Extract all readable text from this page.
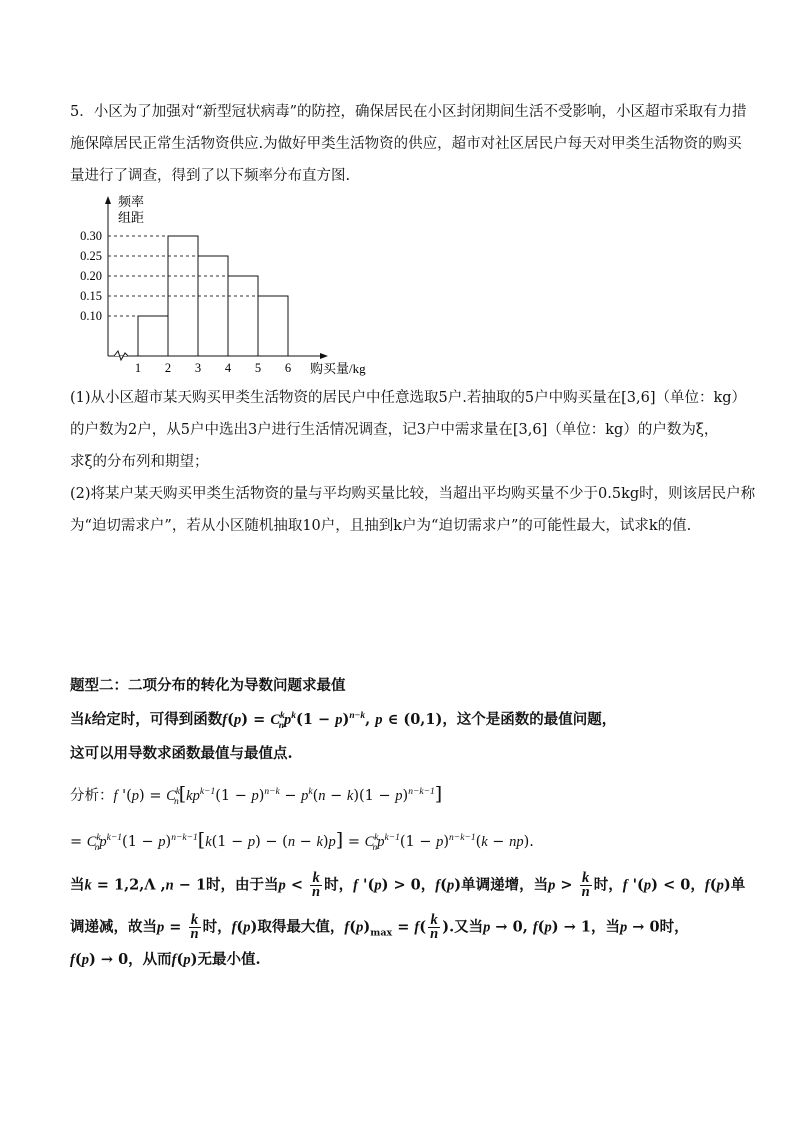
5．小区为了加强对“新型冠状病毒”的防控，确保居民在小区封闭期间生活不受影响，小区超市采取有力措
施保障居民正常生活物资供应.为做好甲类生活物资的供应，超市对社区居民户每天对甲类生活物资的购买
量进行了调查，得到了以下频率分布直方图.
频率
组距
购买量/kg
0.10
0.15
0.20
0.25
0.30
1 2 3 4 5 6
(1)从小区超市某天购买甲类生活物资的居民户中任意选取5户.若抽取的5户中购买量在[3,6]（单位：kg）
的户数为2户，从5户中选出3户进行生活情况调查，记3户中需求量在[3,6]（单位：kg）的户数为ξ，
求ξ的分布列和期望；
(2)将某户某天购买甲类生活物资的量与平均购买量比较，当超出平均购买量不少于0.5kg时，则该居民户称
为“迫切需求户”，若从小区随机抽取10户，且抽到k户为“迫切需求户”的可能性最大，试求k的值.
题型二：二项分布的转化为导数问题求最值
当k给定时，可得到函数$f(p) = C^k_np^k(1 - p)^{n-k}$, p ∈ (0,1)，这个是函数的最值问题，
这可以用导数求函数最值与最值点.
分析：f '$(p) = C^k_n[kp^{k-1}(1 - p)^{n-k} - p^k(n - k)(1 - p)^{n-k-1}]$
= $C^k_np^{k-1}(1 - p)^{n-k-1}[k(1 - p) - (n - k)p] = C^k_np^{k-1}(1 - p)^{n-k-1}(k - np)$.
当k = 1,2,Λ ,n − 1时，由于当$p < \frac{k}{n}$ 时，f '(p) > 0，f(p)单调递增，当$p > \frac{k}{n}$ 时，f '(p) < 0，f(p)单
调递减，故当$p = \frac{k}{n}$ 时，f(p)取得最大值，$f(p)_{max} = f( \frac{k}{n}$ ).又当p → 0, f(p) → 1，当p → 0时，
f(p) → 0，从而f(p)无最小值.
